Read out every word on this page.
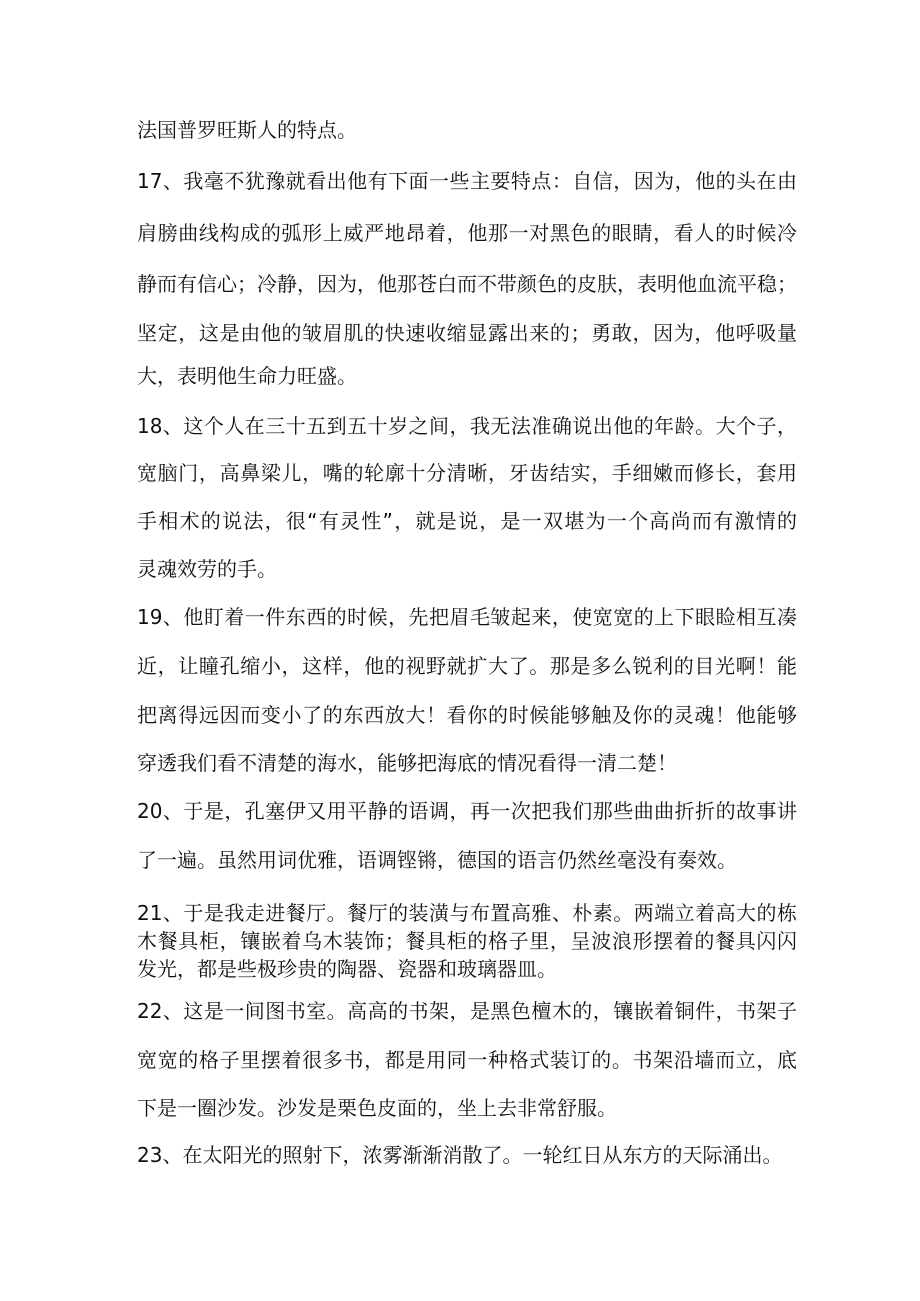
法国普罗旺斯人的特点。
17、我毫不犹豫就看出他有下面一些主要特点：自信，因为，他的头在由
肩膀曲线构成的弧形上威严地昂着，他那一对黑色的眼睛，看人的时候冷
静而有信心；冷静，因为，他那苍白而不带颜色的皮肤，表明他血流平稳；
坚定，这是由他的皱眉肌的快速收缩显露出来的；勇敢，因为，他呼吸量
大，表明他生命力旺盛。
18、这个人在三十五到五十岁之间，我无法准确说出他的年龄。大个子，
宽脑门，高鼻梁儿，嘴的轮廓十分清晰，牙齿结实，手细嫩而修长，套用
手相术的说法，很“有灵性”，就是说，是一双堪为一个高尚而有激情的
灵魂效劳的手。
19、他盯着一件东西的时候，先把眉毛皱起来，使宽宽的上下眼睑相互凑
近，让瞳孔缩小，这样，他的视野就扩大了。那是多么锐利的目光啊！能
把离得远因而变小了的东西放大！看你的时候能够触及你的灵魂！他能够
穿透我们看不清楚的海水，能够把海底的情况看得一清二楚！
20、于是，孔塞伊又用平静的语调，再一次把我们那些曲曲折折的故事讲
了一遍。虽然用词优雅，语调铿锵，德国的语言仍然丝毫没有奏效。
21、于是我走进餐厅。餐厅的装潢与布置高雅、朴素。两端立着高大的栋
木餐具柜，镶嵌着乌木装饰；餐具柜的格子里，呈波浪形摆着的餐具闪闪
发光，都是些极珍贵的陶器、瓷器和玻璃器皿。
22、这是一间图书室。高高的书架，是黑色檀木的，镶嵌着铜件，书架子
宽宽的格子里摆着很多书，都是用同一种格式装订的。书架沿墙而立，底
下是一圈沙发。沙发是栗色皮面的，坐上去非常舒服。
23、在太阳光的照射下，浓雾渐渐消散了。一轮红日从东方的天际涌出。
